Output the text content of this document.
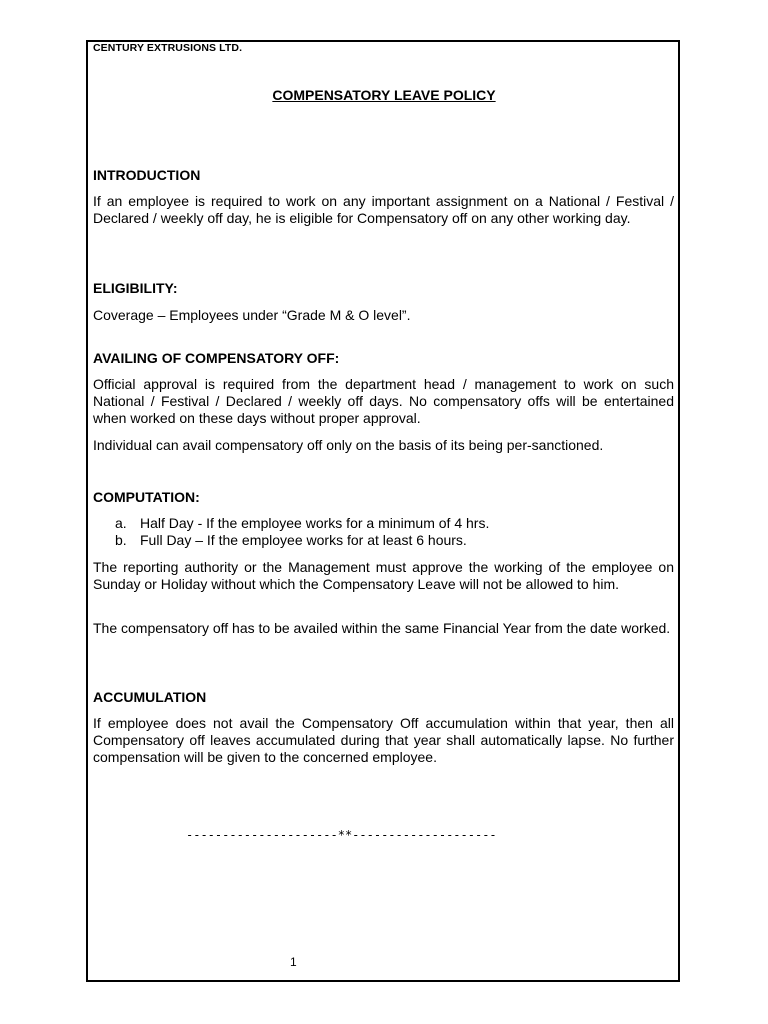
CENTURY EXTRUSIONS LTD.
COMPENSATORY LEAVE POLICY
INTRODUCTION

If an employee is required to work on any important assignment on a National / Festival / Declared / weekly off day, he is eligible for Compensatory off on any other working day.

ELIGIBILITY:

Coverage – Employees under “Grade M & O level”.

AVAILING OF COMPENSATORY OFF:

Official approval is required from the department head / management to work on such National / Festival / Declared / weekly off days. No compensatory offs will be entertained when worked on these days without proper approval.

Individual can avail compensatory off only on the basis of its being per-sanctioned.

COMPUTATION:
a. Half Day - If the employee works for a minimum of 4 hrs.
b. Full Day – If the employee works for at least 6 hours.

The reporting authority or the Management must approve the working of the employee on Sunday or Holiday without which the Compensatory Leave will not be allowed to him.

The compensatory off has to be availed within the same Financial Year from the date worked.

ACCUMULATION

If employee does not avail the Compensatory Off accumulation within that year, then all Compensatory off leaves accumulated during that year shall automatically lapse. No further compensation will be given to the concerned employee.

---------------------**--------------------
1
